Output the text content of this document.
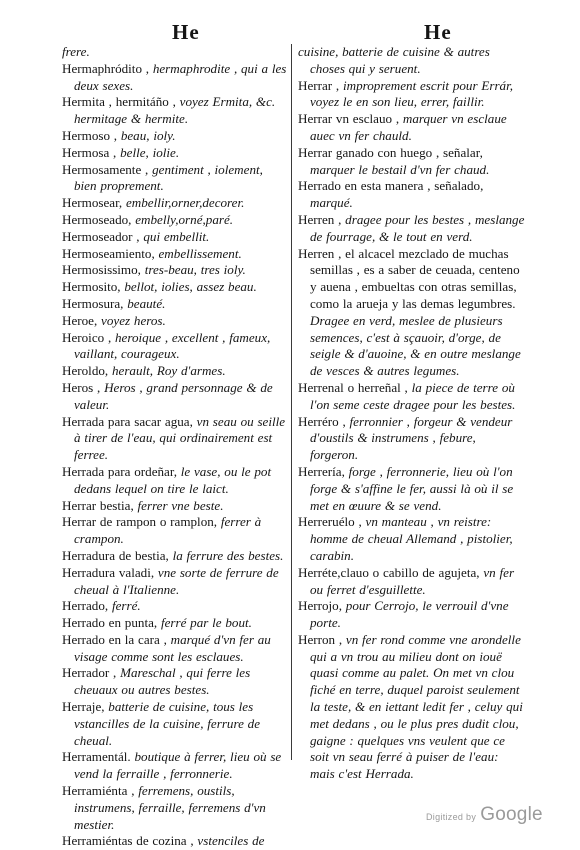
He	He

frere.

Hermaphródito , hermaphrodite , qui a les deux sexes.

Hermita , hermitáño , voyez Ermita, &c. hermitage & hermite.

Hermoso , beau, ioly.

Hermosa , belle, iolie.

Hermosamente , gentiment , iolement, bien proprement.

Hermosear, embellir,orner,decorer.

Hermoseado, embelly,orné,paré.

Hermoseador , qui embellit.

Hermoseamiento, embellissement.

Hermosissimo, tres-beau, tres ioly.

Hermosito, bellot, iolies, assez beau.

Hermosura, beauté.

Heroe, voyez heros.

Heroico , heroique , excellent , fameux, vaillant, courageux.

Heroldo, herault, Roy d'armes.

Heros , Heros , grand personnage & de valeur.

Herrada para sacar agua, vn seau ou seille à tirer de l'eau, qui ordinairement est ferree.

Herrada para ordeñar, le vase, ou le pot dedans lequel on tire le laict.

Herrar bestia, ferrer vne beste.

Herrar de rampon o ramplon, ferrer à crampon.

Herradura de bestia, la ferrure des bestes.

Herradura valadi, vne sorte de ferrure de cheual à l'Italienne.

Herrado, ferré.

Herrado en punta, ferré par le bout.

Herrado en la cara , marqué d'vn fer au visage comme sont les esclaues.

Herrador , Mareschal , qui ferre les cheuaux ou autres bestes.

Herraje, batterie de cuisine, tous les vstancilles de la cuisine, ferrure de cheual.

Herramentál. boutique à ferrer, lieu où se vend la ferraille , ferronnerie.

Herramiénta , ferremens, oustils, instrumens, ferraille, ferremens d'vn mestier.

Herramiéntas de cozina , vstenciles de

cuisine, batterie de cuisine & autres choses qui y seruent.

Herrar , improprement escrit pour Errár, voyez le en son lieu, errer, faillir.

Herrar vn esclauo , marquer vn esclaue auec vn fer chauld.

Herrar ganado con huego , señalar, marquer le bestail d'vn fer chaud.

Herrado en esta manera , señalado, marqué.

Herren , dragee pour les bestes , meslange de fourrage, & le tout en verd.

Herren , el alcacel mezclado de muchas semillas , es a saber de ceuada, centeno y auena , embueltas con otras semillas, como la arueja y las demas legumbres. Dragee en verd, meslee de plusieurs semences, c'est à sçauoir, d'orge, de seigle & d'auoine, & en outre meslange de vesces & autres legumes.

Herrenal o herreñal , la piece de terre où l'on seme ceste dragee pour les bestes.

Herréro , ferronnier , forgeur & vendeur d'oustils & instrumens , febure, forgeron.

Herrería, forge , ferronnerie, lieu où l'on forge & s'affine le fer, aussi là où il se met en œuure & se vend.

Herreruélo , vn manteau , vn reistre: homme de cheual Allemand , pistolier, carabin.

Herréte,clauo o cabillo de agujeta, vn fer ou ferret d'esguillette.

Herrojo, pour Cerrojo, le verrouil d'vne porte.

Herron , vn fer rond comme vne arondelle qui a vn trou au milieu dont on iouë quasi comme au palet. On met vn clou fiché en terre, duquel paroist seulement la teste, & en iettant ledit fer , celuy qui met dedans , ou le plus pres dudit clou, gaigne : quelques vns veulent que ce soit vn seau ferré à puiser de l'eau: mais c'est Herrada.

Digitized by Google
